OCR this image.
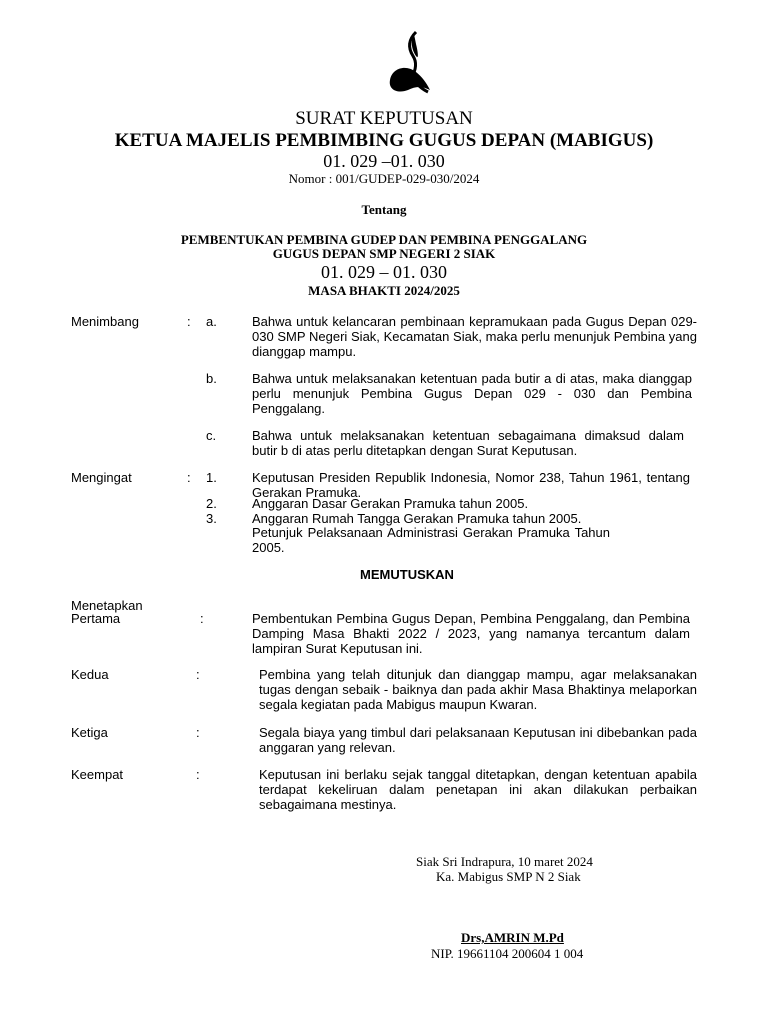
SURAT KEPUTUSAN
KETUA MAJELIS PEMBIMBING GUGUS DEPAN (MABIGUS)
01. 029 –01. 030
Nomor : 001/GUDEP-029-030/2024
Tentang
PEMBENTUKAN PEMBINA GUDEP DAN PEMBINA PENGGALANG
GUGUS DEPAN SMP NEGERI 2 SIAK
01. 029 – 01. 030
MASA BHAKTI 2024/2025
Menimbang	: a.	Bahwa untuk kelancaran pembinaan kepramukaan pada Gugus Depan 029-030 SMP Negeri Siak, Kecamatan Siak, maka perlu menunjuk Pembina yang dianggap mampu.
b.	Bahwa untuk melaksanakan ketentuan pada butir a di atas, maka dianggap perlu menunjuk Pembina Gugus Depan 029 - 030 dan Pembina Penggalang.
c.	Bahwa untuk melaksanakan ketentuan sebagaimana dimaksud dalam butir b di atas perlu ditetapkan dengan Surat Keputusan.
Mengingat	: 1.	Keputusan Presiden Republik Indonesia, Nomor 238, Tahun 1961, tentang Gerakan Pramuka.
2.	Anggaran Dasar Gerakan Pramuka tahun 2005.
3.	Anggaran Rumah Tangga Gerakan Pramuka tahun 2005.
Petunjuk Pelaksanaan Administrasi Gerakan Pramuka Tahun 2005.
MEMUTUSKAN
Menetapkan
Pertama	:	Pembentukan Pembina Gugus Depan, Pembina Penggalang, dan Pembina Damping Masa Bhakti 2022 / 2023, yang namanya tercantum dalam lampiran Surat Keputusan ini.
Kedua	:	Pembina yang telah ditunjuk dan dianggap mampu, agar melaksanakan tugas dengan sebaik - baiknya dan pada akhir Masa Bhaktinya melaporkan segala kegiatan pada Mabigus maupun Kwaran.
Ketiga	:	Segala biaya yang timbul dari pelaksanaan Keputusan ini dibebankan pada anggaran yang relevan.
Keempat	:	Keputusan ini berlaku sejak tanggal ditetapkan, dengan ketentuan apabila terdapat kekeliruan dalam penetapan ini akan dilakukan perbaikan sebagaimana mestinya.
Siak Sri Indrapura, 10 maret 2024
Ka. Mabigus SMP N 2 Siak
Drs,AMRIN M.Pd
NIP. 19661104 200604 1 004
